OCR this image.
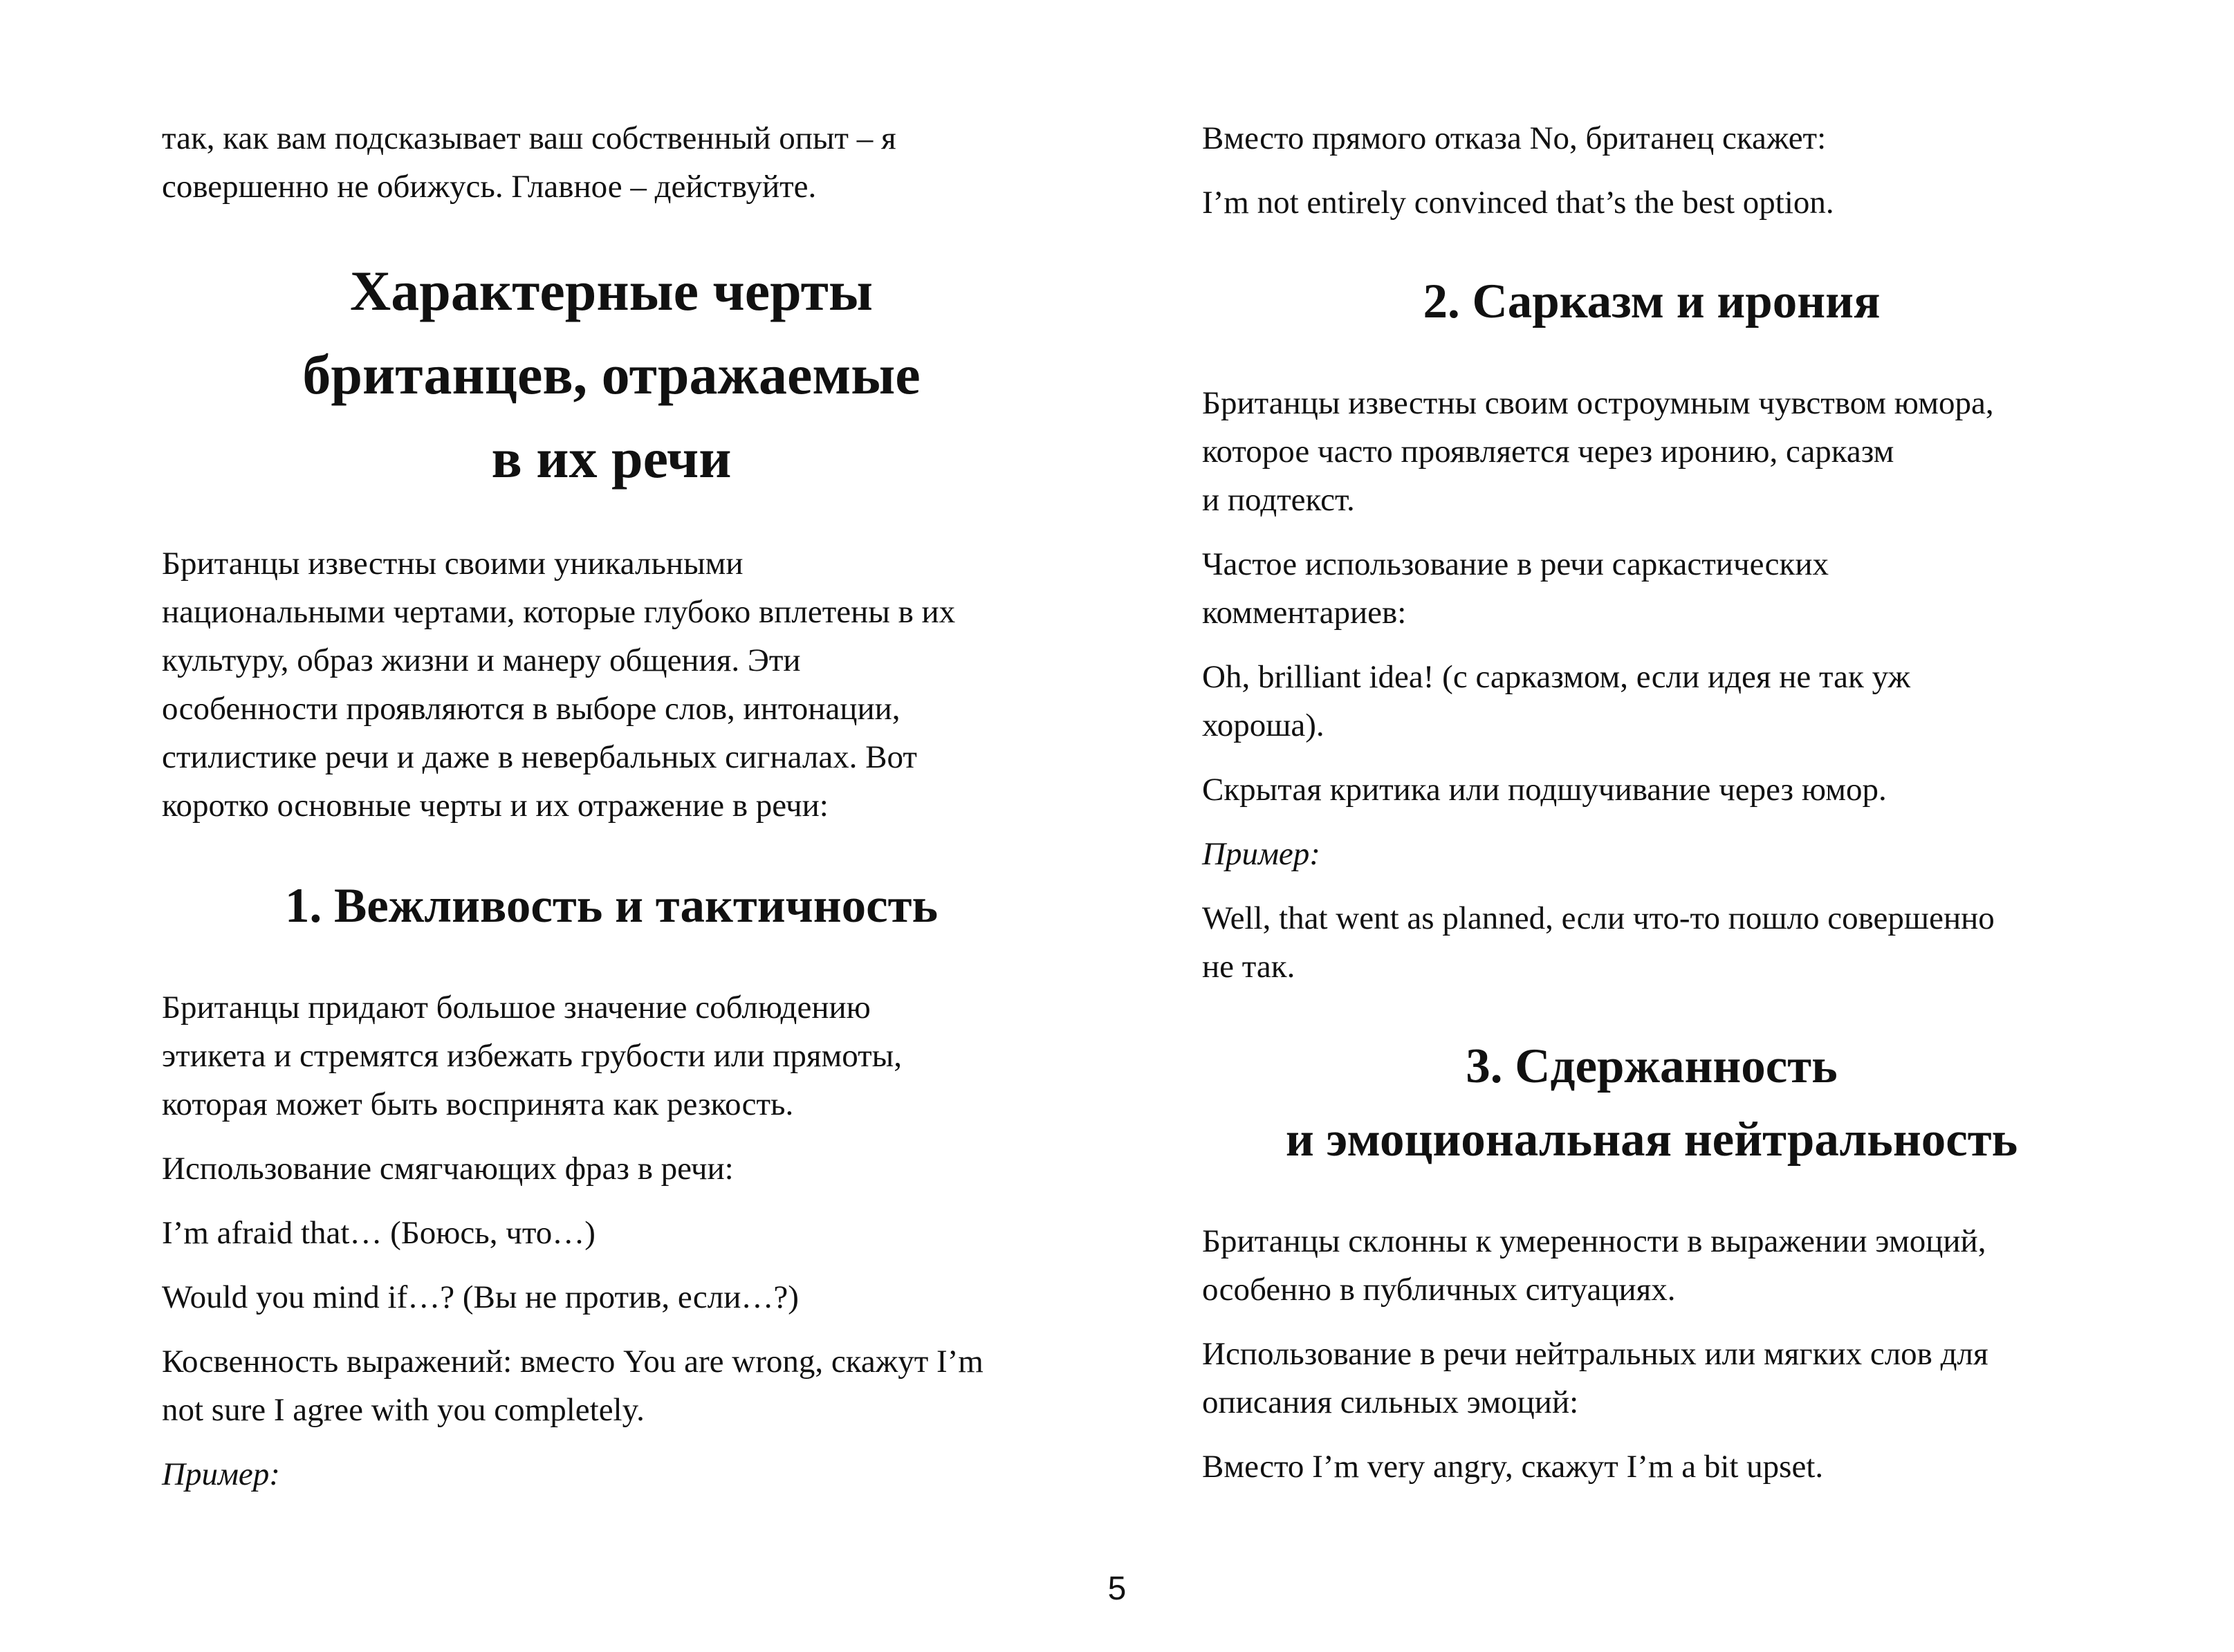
так, как вам подсказывает ваш собственный опыт – я

совершенно не обижусь. Главное – действуйте.

Характерные черты
британцев, отражаемые
в их речи

Британцы известны своими уникальными

национальными чертами, которые глубоко вплетены в их

культуру, образ жизни и манеру общения. Эти

особенности проявляются в выборе слов, интонации,

стилистике речи и даже в невербальных сигналах. Вот

коротко основные черты и их отражение в речи:

1. Вежливость и тактичность

Британцы придают большое значение соблюдению

этикета и стремятся избежать грубости или прямоты,

которая может быть воспринята как резкость.

Использование смягчающих фраз в речи:

I’m afraid that… (Боюсь, что…)

Would you mind if…? (Вы не против, если…?)

Косвенность выражений: вместо You are wrong, скажут I’m

not sure I agree with you completely.

Пример:

Вместо прямого отказа No, британец скажет:

I’m not entirely convinced that’s the best option.

2. Сарказм и ирония

Британцы известны своим остроумным чувством юмора,

которое часто проявляется через иронию, сарказм

и подтекст.

Частое использование в речи саркастических

комментариев:

Oh, brilliant idea! (с сарказмом, если идея не так уж

хороша).

Скрытая критика или подшучивание через юмор.

Пример:

Well, that went as planned, если что-то пошло совершенно

не так.

3. Сдержанность
и эмоциональная нейтральность

Британцы склонны к умеренности в выражении эмоций,

особенно в публичных ситуациях.

Использование в речи нейтральных или мягких слов для

описания сильных эмоций:

Вместо I’m very angry, скажут I’m a bit upset.

5
